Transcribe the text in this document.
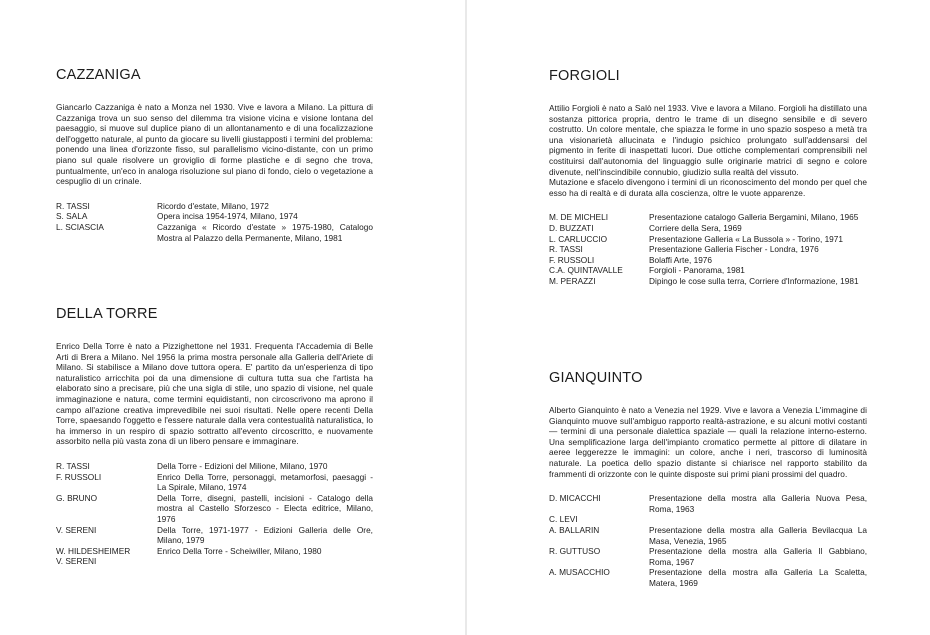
CAZZANIGA

Giancarlo Cazzaniga è nato a Monza nel 1930. Vive e lavora a Milano. La pittura di Cazzaniga trova un suo senso del dilemma tra visione vicina e visione lontana del paesaggio, si muove sul duplice piano di un allontanamento e di una focalizzazione dell'oggetto naturale, al punto da giocare su livelli giustapposti i termini del problema: ponendo una linea d'orizzonte fisso, sul parallelismo vicino-distante, con un primo piano sul quale risolvere un groviglio di forme plastiche e di segno che trova, puntualmente, un'eco in analoga risoluzione sul piano di fondo, cielo o vegetazione a cespuglio di un crinale.

R. TASSI	Ricordo d'estate, Milano, 1972
S. SALA	Opera incisa 1954-1974, Milano, 1974
L. SCIASCIA	Cazzaniga « Ricordo d'estate » 1975-1980, Catalogo Mostra al Palazzo della Permanente, Milano, 1981
DELLA TORRE

Enrico Della Torre è nato a Pizzighettone nel 1931. Frequenta l'Accademia di Belle Arti di Brera a Milano. Nel 1956 la prima mostra personale alla Galleria dell'Ariete di Milano. Si stabilisce a Milano dove tuttora opera. E' partito da un'esperienza di tipo naturalistico arricchita poi da una dimensione di cultura tutta sua che l'artista ha elaborato sino a precisare, più che una sigla di stile, uno spazio di visione, nel quale immaginazione e natura, come termini equidistanti, non circoscrivono ma aprono il campo all'azione creativa imprevedibile nei suoi risultati. Nelle opere recenti Della Torre, spaesando l'oggetto e l'essere naturale dalla vera contestualità naturalistica, lo ha immerso in un respiro di spazio sottratto all'evento circoscritto, e nuovamente assorbito nella più vasta zona di un libero pensare e immaginare.

R. TASSI	Della Torre - Edizioni del Milione, Milano, 1970
F. RUSSOLI	Enrico Della Torre, personaggi, metamorfosi, paesaggi - La Spirale, Milano, 1974
G. BRUNO	Della Torre, disegni, pastelli, incisioni - Catalogo della mostra al Castello Sforzesco - Electa editrice, Milano, 1976
V. SERENI	Della Torre, 1971-1977 - Edizioni Galleria delle Ore, Milano, 1979
W. HILDESHEIMER	Enrico Della Torre - Scheiwiller, Milano, 1980
V. SERENI
FORGIOLI

Attilio Forgioli è nato a Salò nel 1933. Vive e lavora a Milano. Forgioli ha distillato una sostanza pittorica propria, dentro le trame di un disegno sensibile e di severo costrutto. Un colore mentale, che spiazza le forme in uno spazio sospeso a metà tra una visionarietà allucinata e l'indugio psichico prolungato sull'addensarsi del pigmento in ferite di inaspettati lucori. Due ottiche complementari comprensibili nel costituirsi dall'autonomia del linguaggio sulle originarie matrici di segno e colore divenute, nell'inscindibile connubio, giudizio sulla realtà del vissuto.

Mutazione e sfacelo divengono i termini di un riconoscimento del mondo per quel che esso ha di realtà e di durata alla coscienza, oltre le vuote apparenze.

M. DE MICHELI	Presentazione catalogo Galleria Bergamini, Milano, 1965
D. BUZZATI	Corriere della Sera, 1969
L. CARLUCCIO	Presentazione Galleria « La Bussola » - Torino, 1971
R. TASSI	Presentazione Galleria Fischer - Londra, 1976
F. RUSSOLI	Bolaffi Arte, 1976
C.A. QUINTAVALLE	Forgioli - Panorama, 1981
M. PERAZZI	Dipingo le cose sulla terra, Corriere d'Informazione, 1981
GIANQUINTO

Alberto Gianquinto è nato a Venezia nel 1929. Vive e lavora a Venezia L'immagine di Gianquinto muove sull'ambiguo rapporto realtà-astrazione, e su alcuni motivi costanti — termini di una personale dialettica spaziale — quali la relazione interno-esterno. Una semplificazione larga dell'impianto cromatico permette al pittore di dilatare in aeree leggerezze le immagini: un colore, anche i neri, trascorso di luminosità naturale. La poetica dello spazio distante si chiarisce nel rapporto stabilito da frammenti di orizzonte con le quinte disposte sui primi piani prossimi del quadro.

D. MICACCHI	Presentazione della mostra alla Galleria Nuova Pesa, Roma, 1963
C. LEVI
A. BALLARIN	Presentazione della mostra alla Galleria Bevilacqua La Masa, Venezia, 1965
R. GUTTUSO	Presentazione della mostra alla Galleria Il Gabbiano, Roma, 1967
A. MUSACCHIO	Presentazione della mostra alla Galleria La Scaletta, Matera, 1969
